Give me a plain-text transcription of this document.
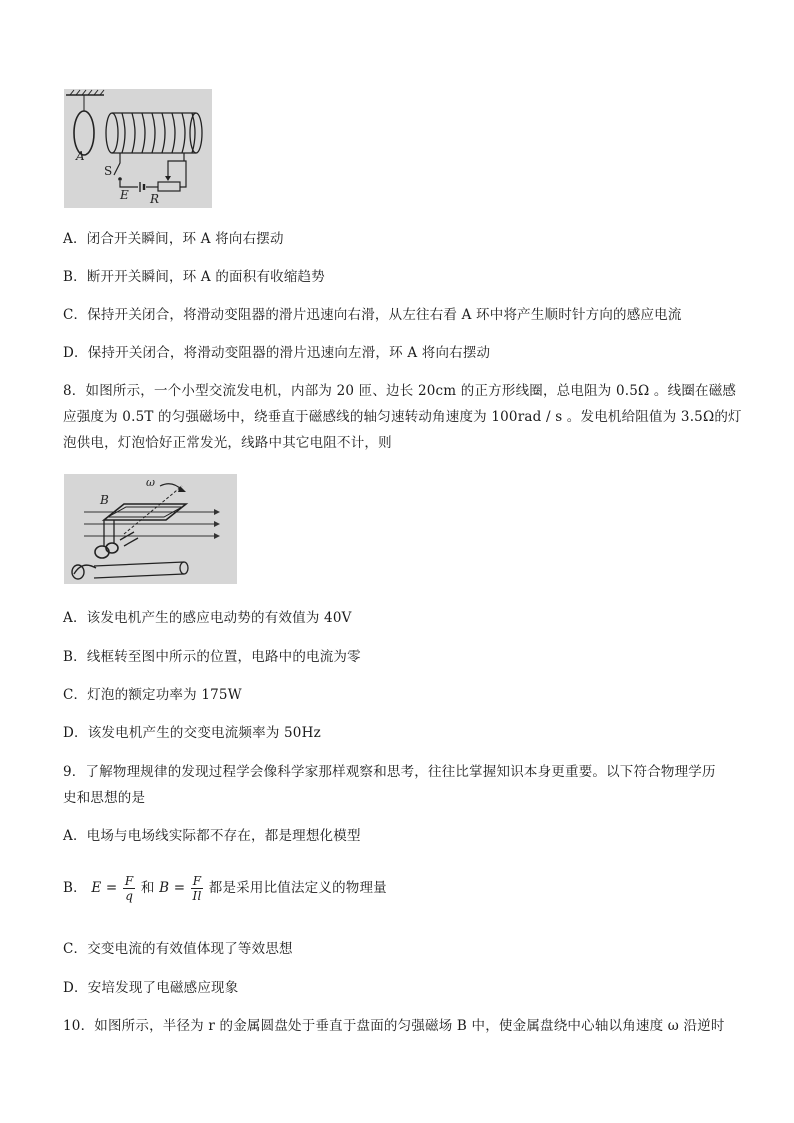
A
S
E R
A．闭合开关瞬间，环 A 将向右摆动
B．断开开关瞬间，环 A 的面积有收缩趋势
C．保持开关闭合，将滑动变阻器的滑片迅速向右滑，从左往右看 A 环中将产生顺时针方向的感应电流
D．保持开关闭合，将滑动变阻器的滑片迅速向左滑，环 A 将向右摆动
8．如图所示，一个小型交流发电机，内部为 20 匝、边长 20cm 的正方形线圈，总电阻为 0.5Ω 。线圈在磁感
应强度为 0.5T 的匀强磁场中，绕垂直于磁感线的轴匀速转动角速度为 100rad / s 。发电机给阻值为 3.5Ω的灯
泡供电，灯泡恰好正常发光，线路中其它电阻不计，则
B
ω
A．该发电机产生的感应电动势的有效值为 40V
B．线框转至图中所示的位置，电路中的电流为零
C．灯泡的额定功率为 175W
D．该发电机产生的交变电流频率为 50Hz
9．了解物理规律的发现过程学会像科学家那样观察和思考，往往比掌握知识本身更重要。以下符合物理学历
史和思想的是
A．电场与电场线实际都不存在，都是理想化模型
B． $E = \frac{F}{q}$ 和 $B = \frac{F}{Il}$ 都是采用比值法定义的物理量
C．交变电流的有效值体现了等效思想
D．安培发现了电磁感应现象
10．如图所示，半径为 r 的金属圆盘处于垂直于盘面的匀强磁场 B 中，使金属盘绕中心轴以角速度 ω 沿逆时
